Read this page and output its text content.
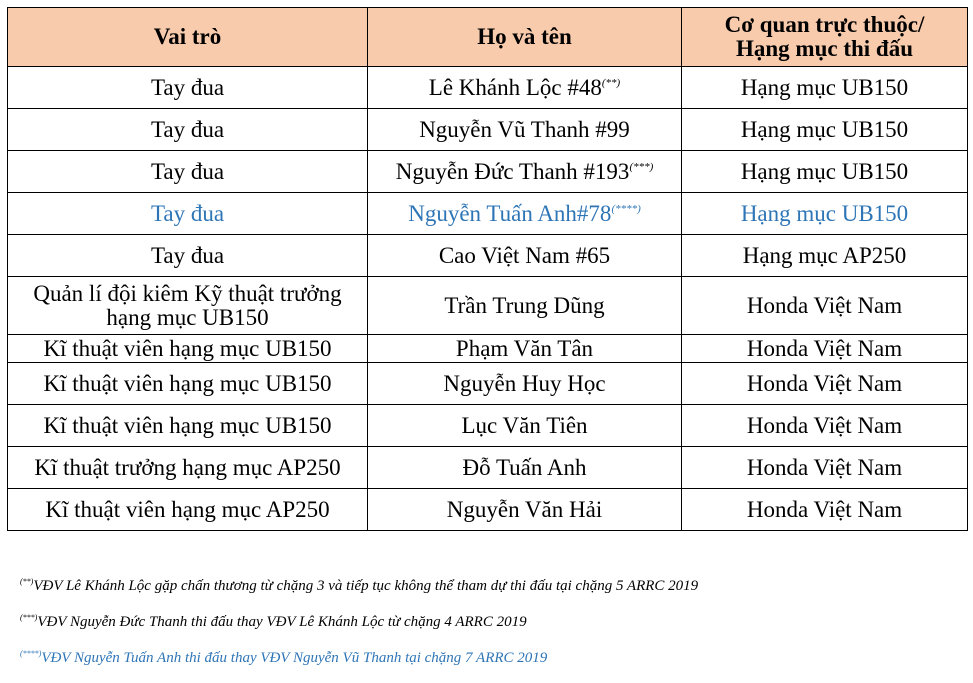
Vai trò	Họ và tên	Cơ quan trực thuộc/
Hạng mục thi đấu
Tay đua	Lê Khánh Lộc #48(**)	Hạng mục UB150
Tay đua	Nguyễn Vũ Thanh #99	Hạng mục UB150
Tay đua	Nguyễn Đức Thanh #193(***)	Hạng mục UB150
Tay đua	Nguyễn Tuấn Anh#78(****)	Hạng mục UB150
Tay đua	Cao Việt Nam #65	Hạng mục AP250
Quản lí đội kiêm Kỹ thuật trưởng hạng mục UB150	Trần Trung Dũng	Honda Việt Nam
Kĩ thuật viên hạng mục UB150	Phạm Văn Tân	Honda Việt Nam
Kĩ thuật viên hạng mục UB150	Nguyễn Huy Học	Honda Việt Nam
Kĩ thuật viên hạng mục UB150	Lục Văn Tiên	Honda Việt Nam
Kĩ thuật trưởng hạng mục AP250	Đỗ Tuấn Anh	Honda Việt Nam
Kĩ thuật viên hạng mục AP250	Nguyễn Văn Hải	Honda Việt Nam
(**)VĐV Lê Khánh Lộc gặp chấn thương từ chặng 3 và tiếp tục không thể tham dự thi đấu tại chặng 5 ARRC 2019
(***)VĐV Nguyễn Đức Thanh thi đấu thay VĐV Lê Khánh Lộc từ chặng 4 ARRC 2019
(****)VĐV Nguyễn Tuấn Anh thi đấu thay VĐV Nguyễn Vũ Thanh tại chặng 7 ARRC 2019
